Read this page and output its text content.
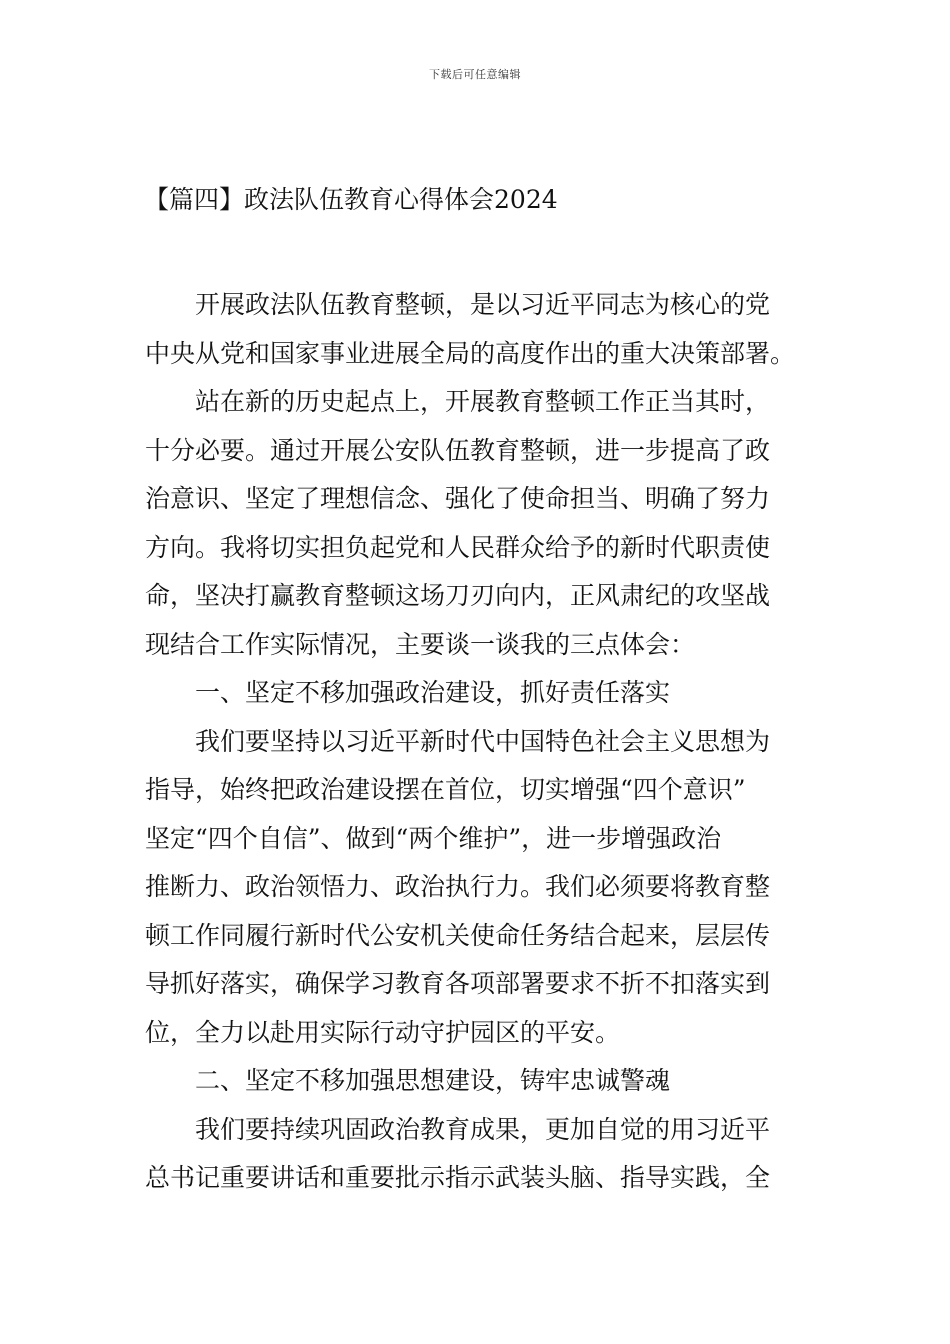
下载后可任意编辑
【篇四】政法队伍教育心得体会2024
开展政法队伍教育整顿，是以习近平同志为核心的党
中央从党和国家事业进展全局的高度作出的重大决策部署。
站在新的历史起点上，开展教育整顿工作正当其时，
十分必要。通过开展公安队伍教育整顿，进一步提高了政
治意识、坚定了理想信念、强化了使命担当、明确了努力
方向。我将切实担负起党和人民群众给予的新时代职责使
命，坚决打赢教育整顿这场刀刃向内，正风肃纪的攻坚战
现结合工作实际情况，主要谈一谈我的三点体会：
一、坚定不移加强政治建设，抓好责任落实
我们要坚持以习近平新时代中国特色社会主义思想为
指导，始终把政治建设摆在首位，切实增强“四个意识”
坚定“四个自信”、做到“两个维护”，进一步增强政治
推断力、政治领悟力、政治执行力。我们必须要将教育整
顿工作同履行新时代公安机关使命任务结合起来，层层传
导抓好落实，确保学习教育各项部署要求不折不扣落实到
位，全力以赴用实际行动守护园区的平安。
二、坚定不移加强思想建设，铸牢忠诚警魂
我们要持续巩固政治教育成果，更加自觉的用习近平
总书记重要讲话和重要批示指示武装头脑、指导实践，全
